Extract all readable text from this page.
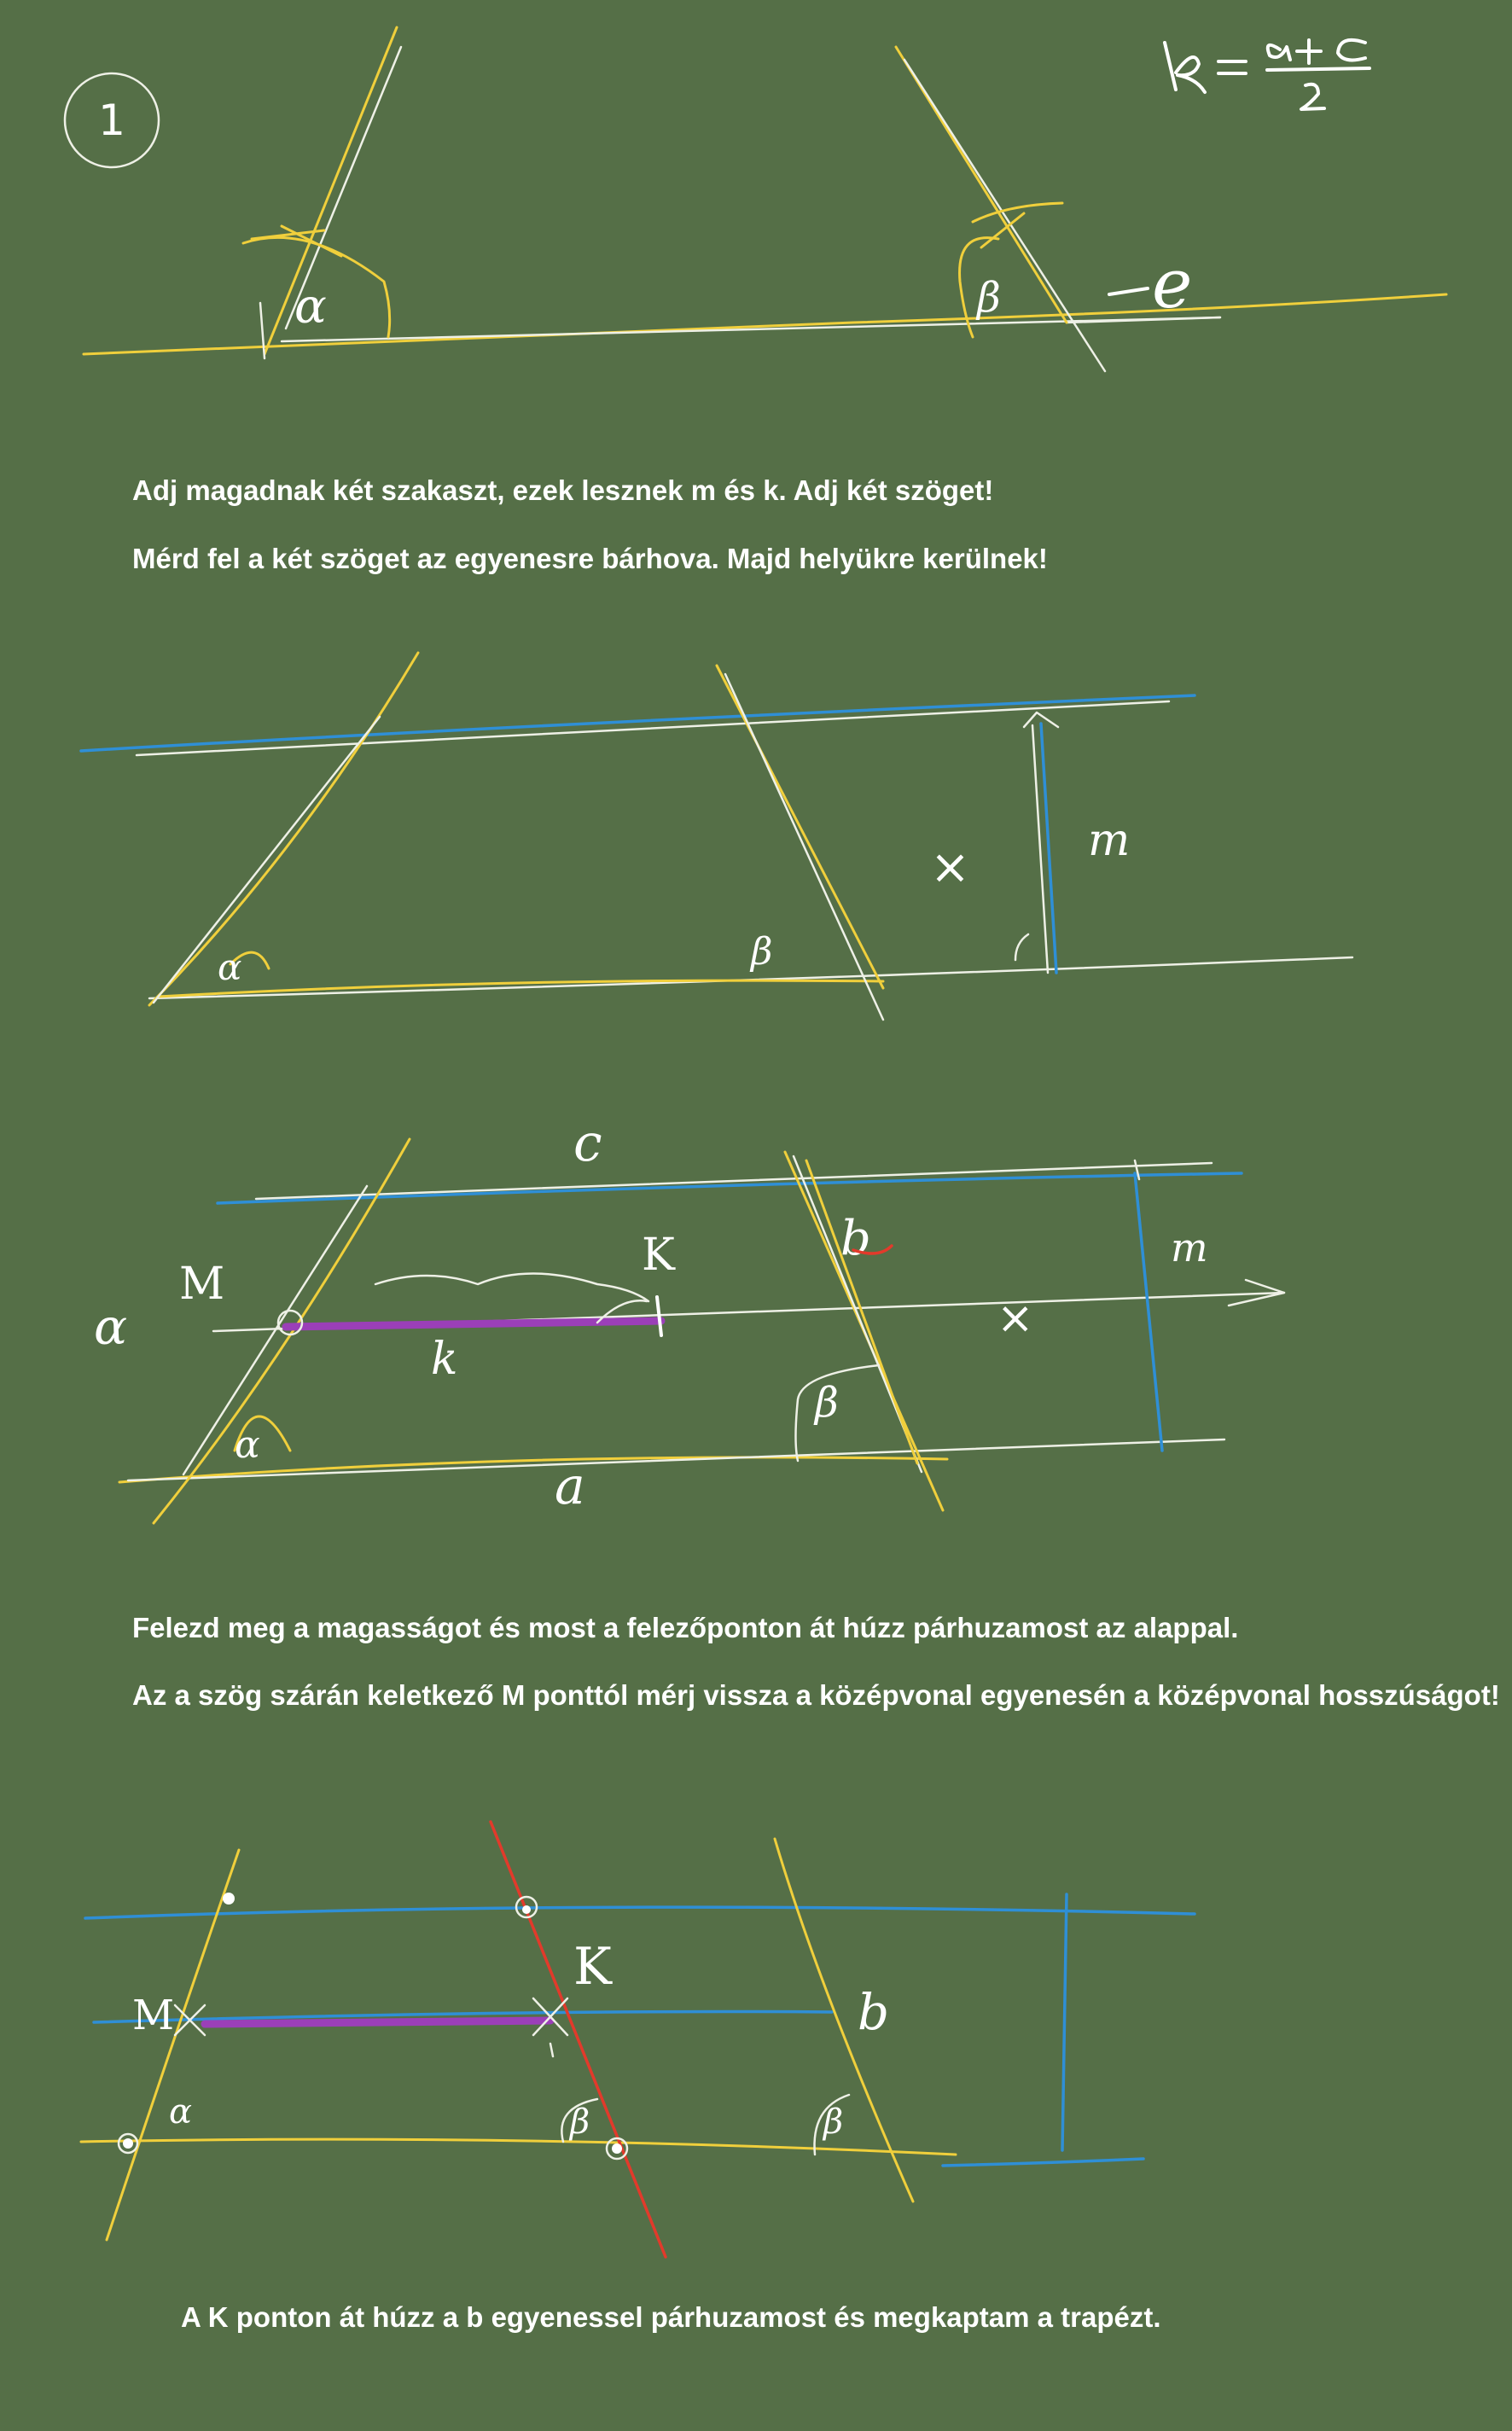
1
α	β e
α	β
m
×
c
α
M
K
k
α
b
β
a
m
×
M
α
K
β
b
β
Adj magadnak két szakaszt, ezek lesznek m és k. Adj két szöget!
Mérd fel a két szöget az egyenesre bárhova. Majd helyükre kerülnek!
Felezd meg a magasságot és most a felezőponton át húzz párhuzamost az alappal.
Az a szög szárán keletkező M ponttól mérj vissza a középvonal egyenesén a középvonal hosszúságot!
A K ponton át húzz a b egyenessel párhuzamost és megkaptam a trapézt.
